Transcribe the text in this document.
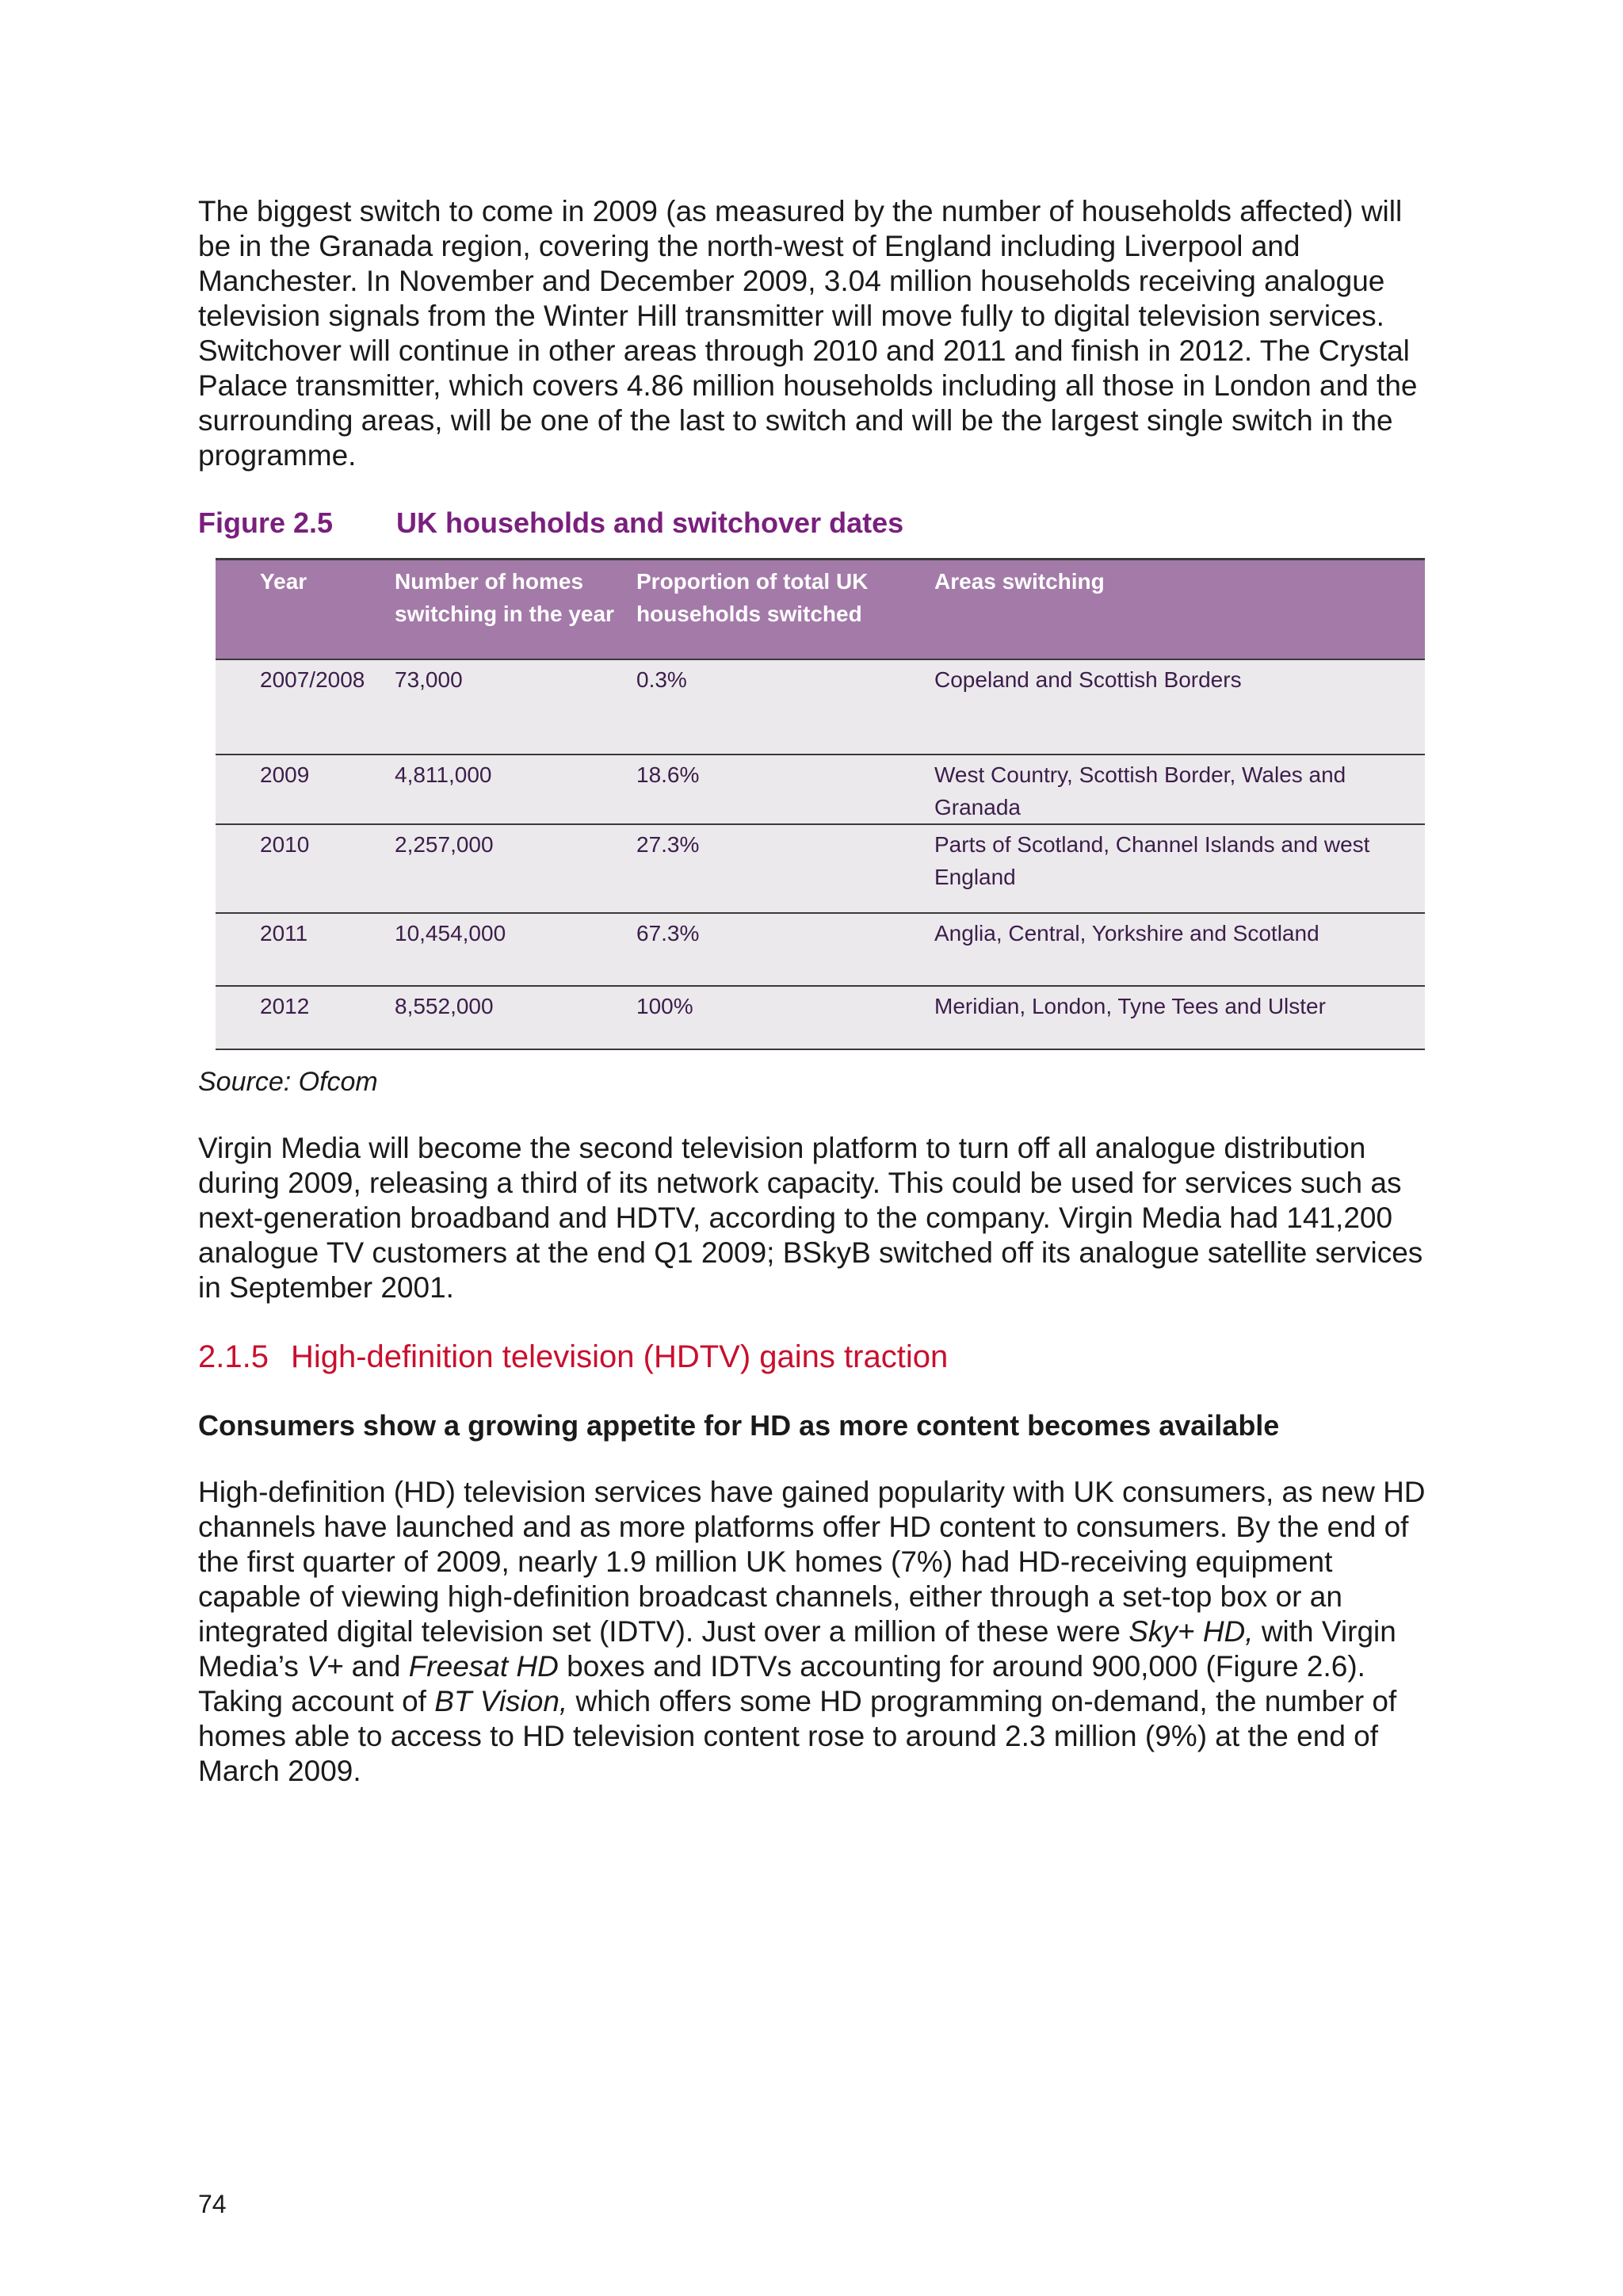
The biggest switch to come in 2009 (as measured by the number of households affected) will be in the Granada region, covering the north-west of England including Liverpool and Manchester. In November and December 2009, 3.04 million households receiving analogue television signals from the Winter Hill transmitter will move fully to digital television services. Switchover will continue in other areas through 2010 and 2011 and finish in 2012. The Crystal Palace transmitter, which covers 4.86 million households including all those in London and the surrounding areas, will be one of the last to switch and will be the largest single switch in the programme.

Figure 2.5	UK households and switchover dates
Year	Number of homes switching in the year	Proportion of total UK households switched	Areas switching
2007/2008	73,000	0.3%	Copeland and Scottish Borders
2009	4,811,000	18.6%	West Country, Scottish Border, Wales and Granada
2010	2,257,000	27.3%	Parts of Scotland, Channel Islands and west England
2011	10,454,000	67.3%	Anglia, Central, Yorkshire and Scotland
2012	8,552,000	100%	Meridian, London, Tyne Tees and Ulster
Source: Ofcom

Virgin Media will become the second television platform to turn off all analogue distribution during 2009, releasing a third of its network capacity. This could be used for services such as next-generation broadband and HDTV, according to the company. Virgin Media had 141,200 analogue TV customers at the end Q1 2009; BSkyB switched off its analogue satellite services in September 2001.

2.1.5 High-definition television (HDTV) gains traction
Consumers show a growing appetite for HD as more content becomes available

High-definition (HD) television services have gained popularity with UK consumers, as new HD channels have launched and as more platforms offer HD content to consumers. By the end of the first quarter of 2009, nearly 1.9 million UK homes (7%) had HD-receiving equipment capable of viewing high-definition broadcast channels, either through a set-top box or an integrated digital television set (IDTV). Just over a million of these were Sky+ HD, with Virgin Media’s V+ and Freesat HD boxes and IDTVs accounting for around 900,000 (Figure 2.6). Taking account of BT Vision, which offers some HD programming on-demand, the number of homes able to access to HD television content rose to around 2.3 million (9%) at the end of March 2009.

74
